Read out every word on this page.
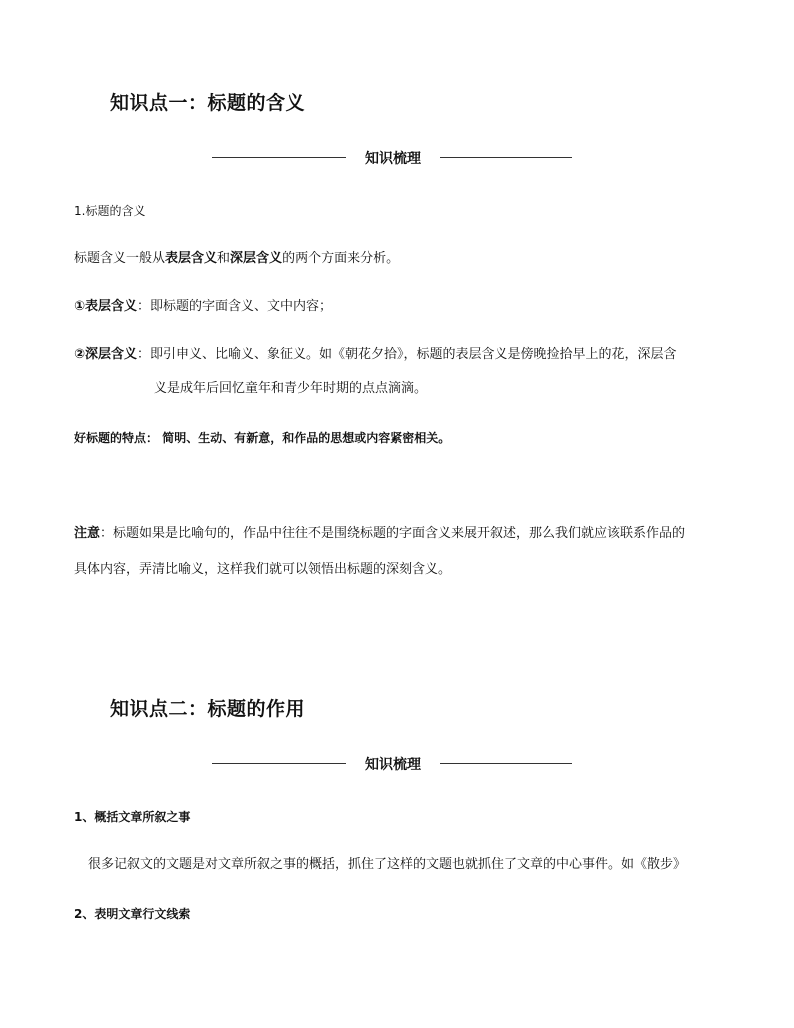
知识点一：标题的含义
知识梳理
1.标题的含义
标题含义一般从表层含义和深层含义的两个方面来分析。
①表层含义：即标题的字面含义、文中内容；
②深层含义：即引申义、比喻义、象征义。如《朝花夕拾》，标题的表层含义是傍晚捡拾早上的花，深层含
义是成年后回忆童年和青少年时期的点点滴滴。
好标题的特点： 简明、生动、有新意，和作品的思想或内容紧密相关。
注意：标题如果是比喻句的，作品中往往不是围绕标题的字面含义来展开叙述，那么我们就应该联系作品的
具体内容，弄清比喻义，这样我们就可以领悟出标题的深刻含义。
知识点二：标题的作用
知识梳理
1、概括文章所叙之事
很多记叙文的文题是对文章所叙之事的概括，抓住了这样的文题也就抓住了文章的中心事件。如《散步》
2、表明文章行文线索
